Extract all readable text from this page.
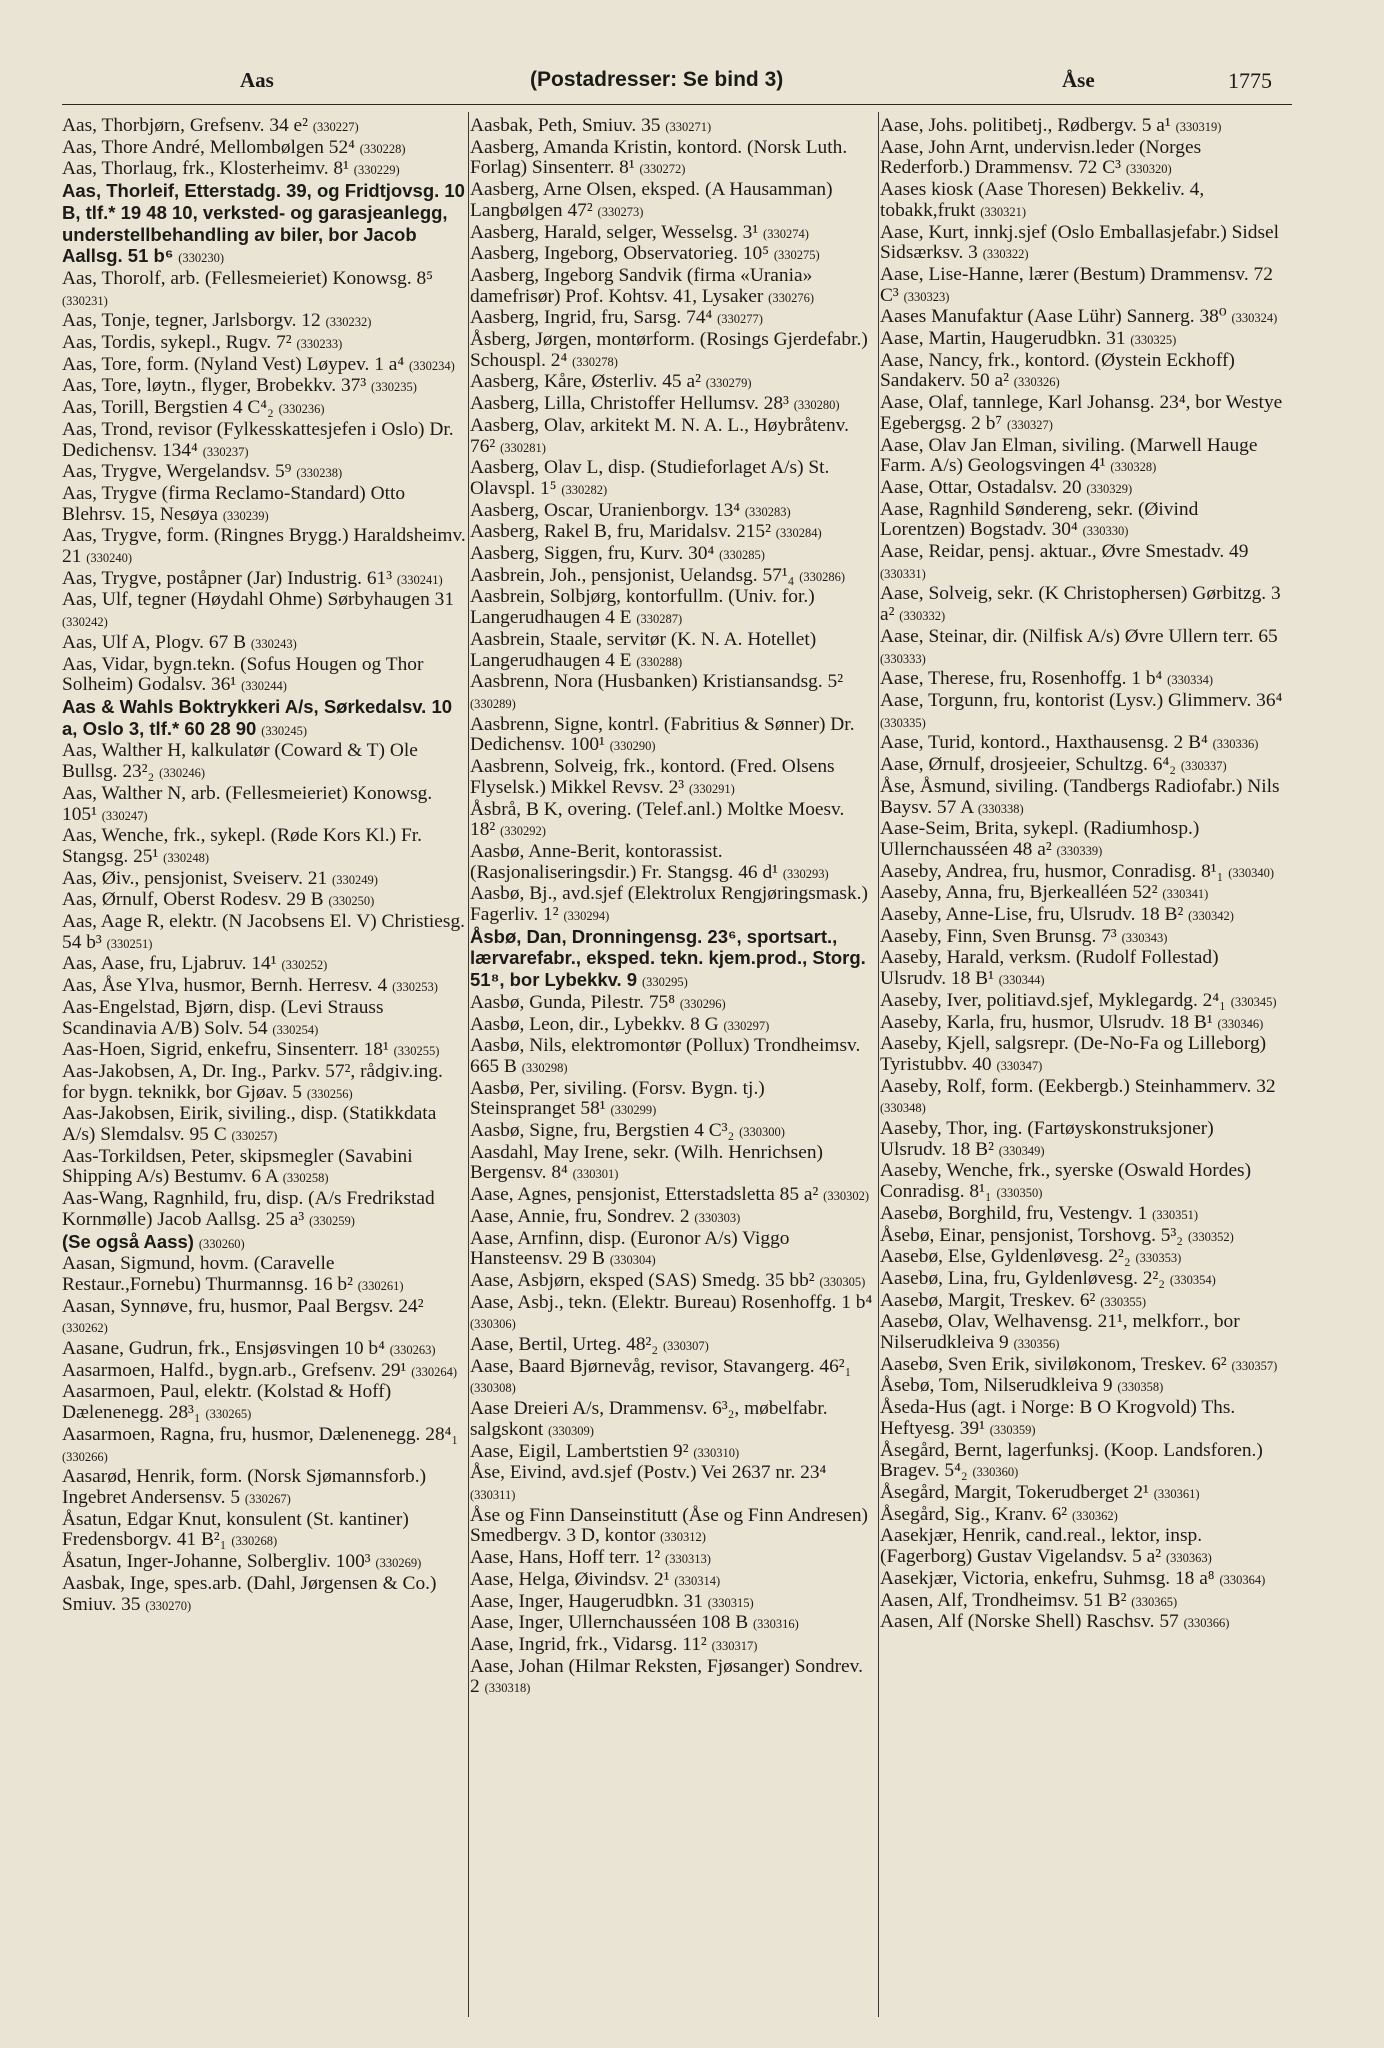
Aas	(Postadresser: Se bind 3)	Åse	1775

Aas, Thorbjørn, Grefsenv. 34 e² (330227)

Aas, Thore André, Mellombølgen 52⁴ (330228)

Aas, Thorlaug, frk., Klosterheimv. 8¹ (330229)

Aas, Thorleif, Etterstadg. 39, og Fridtjovsg. 10 B, tlf.* 19 48 10, verksted- og garasjeanlegg, understellbehandling av biler, bor Jacob Aallsg. 51 b⁶ (330230)

Aas, Thorolf, arb. (Fellesmeieriet) Konowsg. 8⁵ (330231)

Aas, Tonje, tegner, Jarlsborgv. 12 (330232)

Aas, Tordis, sykepl., Rugv. 7² (330233)

Aas, Tore, form. (Nyland Vest) Løypev. 1 a⁴ (330234)

Aas, Tore, løytn., flyger, Brobekkv. 37³ (330235)

Aas, Torill, Bergstien 4 C⁴₂ (330236)

Aas, Trond, revisor (Fylkesskattesjefen i Oslo) Dr. Dedichensv. 134⁴ (330237)

Aas, Trygve, Wergelandsv. 5⁹ (330238)

Aas, Trygve (firma Reclamo-Standard) Otto Blehrsv. 15, Nesøya (330239)

Aas, Trygve, form. (Ringnes Brygg.) Haraldsheimv. 21 (330240)

Aas, Trygve, poståpner (Jar) Industrig. 61³ (330241)

Aas, Ulf, tegner (Høydahl Ohme) Sørbyhaugen 31 (330242)

Aas, Ulf A, Plogv. 67 B (330243)

Aas, Vidar, bygn.tekn. (Sofus Hougen og Thor Solheim) Godalsv. 36¹ (330244)

Aas & Wahls Boktrykkeri A/s, Sørkedalsv. 10 a, Oslo 3, tlf.* 60 28 90 (330245)

Aas, Walther H, kalkulatør (Coward & T) Ole Bullsg. 23²₂ (330246)

Aas, Walther N, arb. (Fellesmeieriet) Konowsg. 105¹ (330247)

Aas, Wenche, frk., sykepl. (Røde Kors Kl.) Fr. Stangsg. 25¹ (330248)

Aas, Øiv., pensjonist, Sveiserv. 21 (330249)

Aas, Ørnulf, Oberst Rodesv. 29 B (330250)

Aas, Aage R, elektr. (N Jacobsens El. V) Christiesg. 54 b³ (330251)

Aas, Aase, fru, Ljabruv. 14¹ (330252)

Aas, Åse Ylva, husmor, Bernh. Herresv. 4 (330253)

Aas-Engelstad, Bjørn, disp. (Levi Strauss Scandinavia A/B) Solv. 54 (330254)

Aas-Hoen, Sigrid, enkefru, Sinsenterr. 18¹ (330255)

Aas-Jakobsen, A, Dr. Ing., Parkv. 57², rådgiv.ing. for bygn. teknikk, bor Gjøav. 5 (330256)

Aas-Jakobsen, Eirik, siviling., disp. (Statikkdata A/s) Slemdalsv. 95 C (330257)

Aas-Torkildsen, Peter, skipsmegler (Savabini Shipping A/s) Bestumv. 6 A (330258)

Aas-Wang, Ragnhild, fru, disp. (A/s Fredrikstad Kornmølle) Jacob Aallsg. 25 a³ (330259)

(Se også Aass) (330260)

Aasan, Sigmund, hovm. (Caravelle Restaur.,Fornebu) Thurmannsg. 16 b² (330261)

Aasan, Synnøve, fru, husmor, Paal Bergsv. 24² (330262)

Aasane, Gudrun, frk., Ensjøsvingen 10 b⁴ (330263)

Aasarmoen, Halfd., bygn.arb., Grefsenv. 29¹ (330264)

Aasarmoen, Paul, elektr. (Kolstad & Hoff) Dælenenegg. 28³₁ (330265)

Aasarmoen, Ragna, fru, husmor, Dælenenegg. 28⁴₁ (330266)

Aasarød, Henrik, form. (Norsk Sjømannsforb.) Ingebret Andersensv. 5 (330267)

Åsatun, Edgar Knut, konsulent (St. kantiner) Fredensborgv. 41 B²₁ (330268)

Åsatun, Inger-Johanne, Solbergliv. 100³ (330269)

Aasbak, Inge, spes.arb. (Dahl, Jørgensen & Co.) Smiuv. 35 (330270)

Aasbak, Peth, Smiuv. 35 (330271)

Aasberg, Amanda Kristin, kontord. (Norsk Luth. Forlag) Sinsenterr. 8¹ (330272)

Aasberg, Arne Olsen, eksped. (A Hausamman) Langbølgen 47² (330273)

Aasberg, Harald, selger, Wesselsg. 3¹ (330274)

Aasberg, Ingeborg, Observatorieg. 10⁵ (330275)

Aasberg, Ingeborg Sandvik (firma «Urania» damefrisør) Prof. Kohtsv. 41, Lysaker (330276)

Aasberg, Ingrid, fru, Sarsg. 74⁴ (330277)

Åsberg, Jørgen, montørform. (Rosings Gjerdefabr.) Schouspl. 2⁴ (330278)

Aasberg, Kåre, Østerliv. 45 a² (330279)

Aasberg, Lilla, Christoffer Hellumsv. 28³ (330280)

Aasberg, Olav, arkitekt M. N. A. L., Høybråtenv. 76² (330281)

Aasberg, Olav L, disp. (Studieforlaget A/s) St. Olavspl. 1⁵ (330282)

Aasberg, Oscar, Uranienborgv. 13⁴ (330283)

Aasberg, Rakel B, fru, Maridalsv. 215² (330284)

Aasberg, Siggen, fru, Kurv. 30⁴ (330285)

Aasbrein, Joh., pensjonist, Uelandsg. 57¹₄ (330286)

Aasbrein, Solbjørg, kontorfullm. (Univ. for.) Langerudhaugen 4 E (330287)

Aasbrein, Staale, servitør (K. N. A. Hotellet) Langerudhaugen 4 E (330288)

Aasbrenn, Nora (Husbanken) Kristiansandsg. 5² (330289)

Aasbrenn, Signe, kontrl. (Fabritius & Sønner) Dr. Dedichensv. 100¹ (330290)

Aasbrenn, Solveig, frk., kontord. (Fred. Olsens Flyselsk.) Mikkel Revsv. 2³ (330291)

Åsbrå, B K, overing. (Telef.anl.) Moltke Moesv. 18² (330292)

Aasbø, Anne-Berit, kontorassist. (Rasjonaliseringsdir.) Fr. Stangsg. 46 d¹ (330293)

Aasbø, Bj., avd.sjef (Elektrolux Rengjøringsmask.) Fagerliv. 1² (330294)

Åsbø, Dan, Dronningensg. 23⁶, sportsart., lærvarefabr., eksped. tekn. kjem.prod., Storg. 51⁸, bor Lybekkv. 9 (330295)

Aasbø, Gunda, Pilestr. 75⁸ (330296)

Aasbø, Leon, dir., Lybekkv. 8 G (330297)

Aasbø, Nils, elektromontør (Pollux) Trondheimsv. 665 B (330298)

Aasbø, Per, siviling. (Forsv. Bygn. tj.) Steinspranget 58¹ (330299)

Aasbø, Signe, fru, Bergstien 4 C³₂ (330300)

Aasdahl, May Irene, sekr. (Wilh. Henrichsen) Bergensv. 8⁴ (330301)

Aase, Agnes, pensjonist, Etterstadsletta 85 a² (330302)

Aase, Annie, fru, Sondrev. 2 (330303)

Aase, Arnfinn, disp. (Euronor A/s) Viggo Hansteensv. 29 B (330304)

Aase, Asbjørn, eksped (SAS) Smedg. 35 bb² (330305)

Aase, Asbj., tekn. (Elektr. Bureau) Rosenhoffg. 1 b⁴ (330306)

Aase, Bertil, Urteg. 48²₂ (330307)

Aase, Baard Bjørnevåg, revisor, Stavangerg. 46²₁ (330308)

Aase Dreieri A/s, Drammensv. 6³₂, møbelfabr. salgskont (330309)

Aase, Eigil, Lambertstien 9² (330310)

Åse, Eivind, avd.sjef (Postv.) Vei 2637 nr. 23⁴ (330311)

Åse og Finn Danseinstitutt (Åse og Finn Andresen) Smedbergv. 3 D, kontor (330312)

Aase, Hans, Hoff terr. 1² (330313)

Aase, Helga, Øivindsv. 2¹ (330314)

Aase, Inger, Haugerudbkn. 31 (330315)

Aase, Inger, Ullernchausséen 108 B (330316)

Aase, Ingrid, frk., Vidarsg. 11² (330317)

Aase, Johan (Hilmar Reksten, Fjøsanger) Sondrev. 2 (330318)

Aase, Johs. politibetj., Rødbergv. 5 a¹ (330319)

Aase, John Arnt, undervisn.leder (Norges Rederforb.) Drammensv. 72 C³ (330320)

Aases kiosk (Aase Thoresen) Bekkeliv. 4, tobakk,frukt (330321)

Aase, Kurt, innkj.sjef (Oslo Emballasjefabr.) Sidsel Sidsærksv. 3 (330322)

Aase, Lise-Hanne, lærer (Bestum) Drammensv. 72 C³ (330323)

Aases Manufaktur (Aase Lühr) Sannerg. 38⁰ (330324)

Aase, Martin, Haugerudbkn. 31 (330325)

Aase, Nancy, frk., kontord. (Øystein Eckhoff) Sandakerv. 50 a² (330326)

Aase, Olaf, tannlege, Karl Johansg. 23⁴, bor Westye Egebergsg. 2 b⁷ (330327)

Aase, Olav Jan Elman, siviling. (Marwell Hauge Farm. A/s) Geologsvingen 4¹ (330328)

Aase, Ottar, Ostadalsv. 20 (330329)

Aase, Ragnhild Søndereng, sekr. (Øivind Lorentzen) Bogstadv. 30⁴ (330330)

Aase, Reidar, pensj. aktuar., Øvre Smestadv. 49 (330331)

Aase, Solveig, sekr. (K Christophersen) Gørbitzg. 3 a² (330332)

Aase, Steinar, dir. (Nilfisk A/s) Øvre Ullern terr. 65 (330333)

Aase, Therese, fru, Rosenhoffg. 1 b⁴ (330334)

Aase, Torgunn, fru, kontorist (Lysv.) Glimmerv. 36⁴ (330335)

Aase, Turid, kontord., Haxthausensg. 2 B⁴ (330336)

Aase, Ørnulf, drosjeeier, Schultzg. 6⁴₂ (330337)

Åse, Åsmund, siviling. (Tandbergs Radiofabr.) Nils Baysv. 57 A (330338)

Aase-Seim, Brita, sykepl. (Radiumhosp.) Ullernchausséen 48 a² (330339)

Aaseby, Andrea, fru, husmor, Conradisg. 8¹₁ (330340)

Aaseby, Anna, fru, Bjerkealléen 52² (330341)

Aaseby, Anne-Lise, fru, Ulsrudv. 18 B² (330342)

Aaseby, Finn, Sven Brunsg. 7³ (330343)

Aaseby, Harald, verksm. (Rudolf Follestad) Ulsrudv. 18 B¹ (330344)

Aaseby, Iver, politiavd.sjef, Myklegardg. 2⁴₁ (330345)

Aaseby, Karla, fru, husmor, Ulsrudv. 18 B¹ (330346)

Aaseby, Kjell, salgsrepr. (De-No-Fa og Lilleborg) Tyristubbv. 40 (330347)

Aaseby, Rolf, form. (Eekbergb.) Steinhammerv. 32 (330348)

Aaseby, Thor, ing. (Fartøyskonstruksjoner) Ulsrudv. 18 B² (330349)

Aaseby, Wenche, frk., syerske (Oswald Hordes) Conradisg. 8¹₁ (330350)

Aasebø, Borghild, fru, Vestengv. 1 (330351)

Åsebø, Einar, pensjonist, Torshovg. 5³₂ (330352)

Aasebø, Else, Gyldenløvesg. 2²₂ (330353)

Aasebø, Lina, fru, Gyldenløvesg. 2²₂ (330354)

Aasebø, Margit, Treskev. 6² (330355)

Aasebø, Olav, Welhavensg. 21¹, melkforr., bor Nilserudkleiva 9 (330356)

Aasebø, Sven Erik, siviløkonom, Treskev. 6² (330357)

Åsebø, Tom, Nilserudkleiva 9 (330358)

Åseda-Hus (agt. i Norge: B O Krogvold) Ths. Heftyesg. 39¹ (330359)

Åsegård, Bernt, lagerfunksj. (Koop. Landsforen.) Bragev. 5⁴₂ (330360)

Åsegård, Margit, Tokerudberget 2¹ (330361)

Åsegård, Sig., Kranv. 6² (330362)

Aasekjær, Henrik, cand.real., lektor, insp. (Fagerborg) Gustav Vigelandsv. 5 a² (330363)

Aasekjær, Victoria, enkefru, Suhmsg. 18 a⁸ (330364)

Aasen, Alf, Trondheimsv. 51 B² (330365)

Aasen, Alf (Norske Shell) Raschsv. 57 (330366)
